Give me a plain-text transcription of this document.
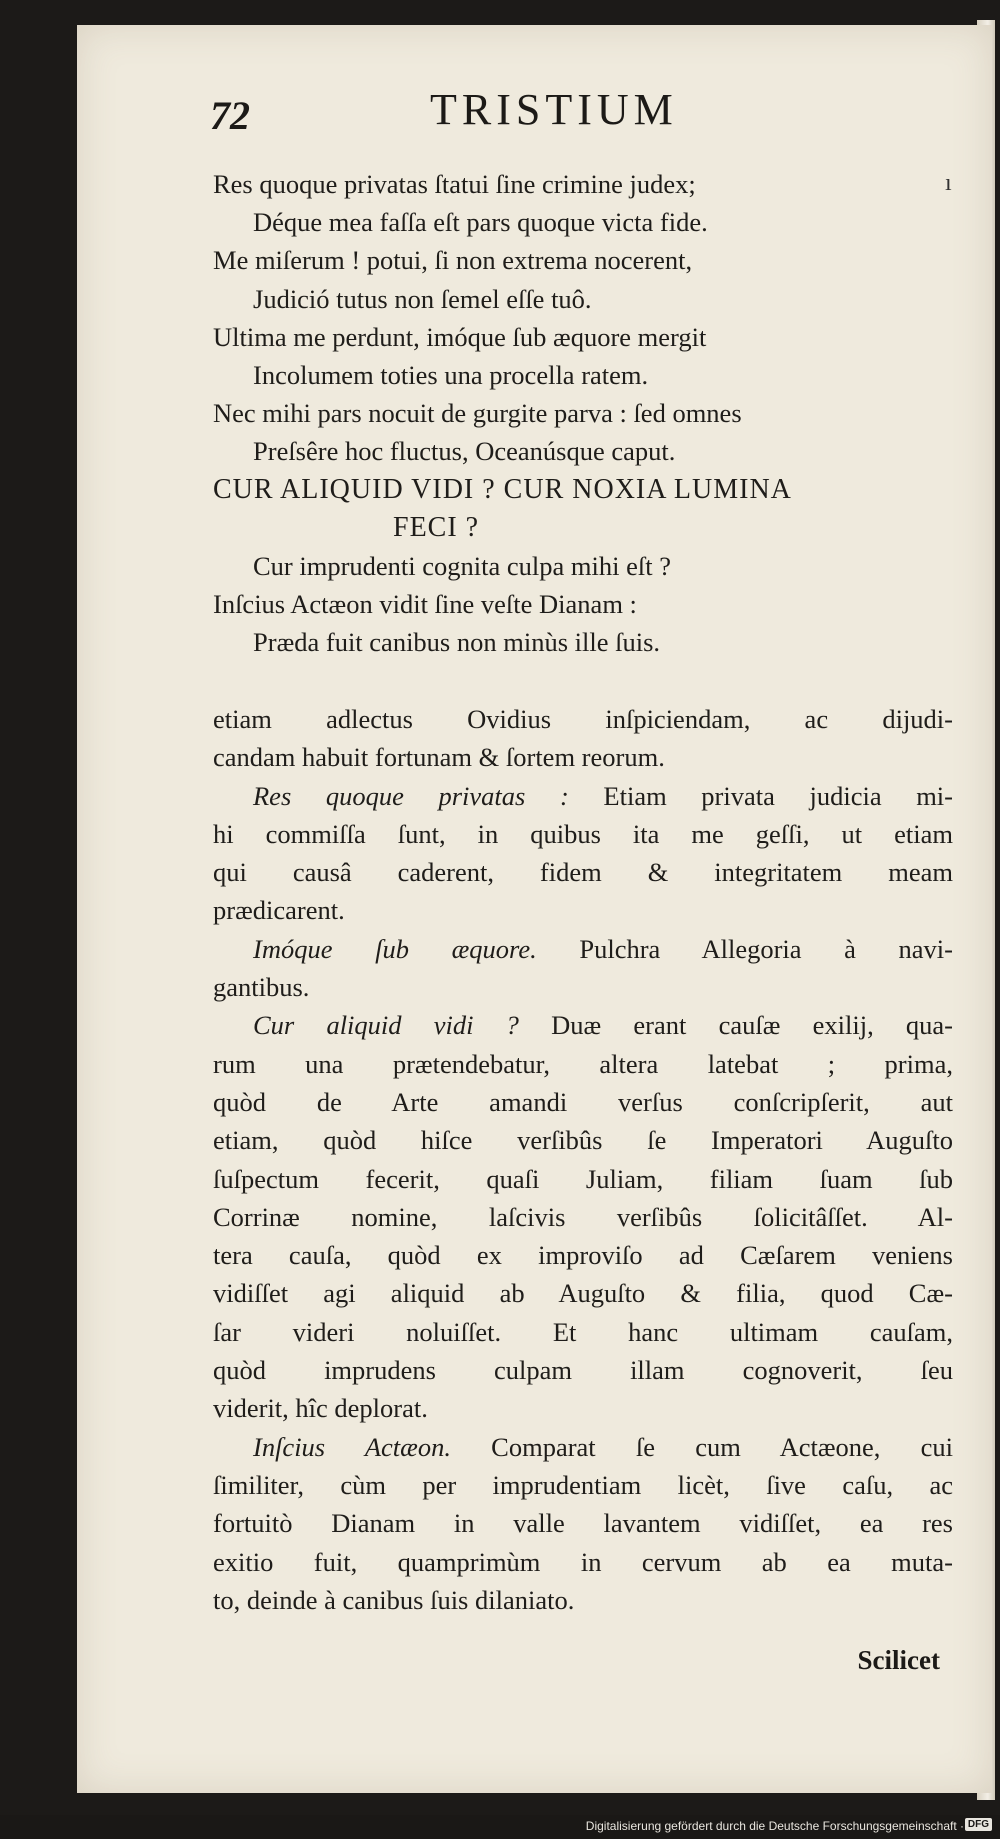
72	TRISTIUM
ı
Res quoque privatas ſtatui ſine crimine judex;
Déque mea faſſa eſt pars quoque victa fide.
Me miſerum ! potui, ſi non extrema nocerent,
Judició tutus non ſemel eſſe tuô.
Ultima me perdunt, imóque ſub æquore mergit
Incolumem toties una procella ratem.
Nec mihi pars nocuit de gurgite parva : ſed omnes
Preſsêre hoc fluctus, Oceanúsque caput.
CUR ALIQUID VIDI ? CUR NOXIA LUMINA
FECI ?
Cur imprudenti cognita culpa mihi eſt ?
Inſcius Actæon vidit ſine veſte Dianam :
Præda fuit canibus non minùs ille ſuis.
etiam adlectus Ovidius inſpiciendam, ac dijudi-
candam habuit fortunam & ſortem reorum.
Res quoque privatas : Etiam privata judicia mi-
hi commiſſa ſunt, in quibus ita me geſſi, ut etiam
qui causâ caderent, fidem & integritatem meam
prædicarent.
Imóque ſub æquore. Pulchra Allegoria à navi-
gantibus.
Cur aliquid vidi ? Duæ erant cauſæ exilij, qua-
rum una prætendebatur, altera latebat ; prima,
quòd de Arte amandi verſus conſcripſerit, aut
etiam, quòd hiſce verſibûs ſe Imperatori Auguſto
ſuſpectum fecerit, quaſi Juliam, filiam ſuam ſub
Corrinæ nomine, laſcivis verſibûs ſolicitâſſet. Al-
tera cauſa, quòd ex improviſo ad Cæſarem veniens
vidiſſet agi aliquid ab Auguſto & filia, quod Cæ-
ſar videri noluiſſet. Et hanc ultimam cauſam,
quòd imprudens culpam illam cognoverit, ſeu
viderit, hîc deplorat.
Inſcius Actæon. Comparat ſe cum Actæone, cui
ſimiliter, cùm per imprudentiam licèt, ſive caſu, ac
fortuitò Dianam in valle lavantem vidiſſet, ea res
exitio fuit, quamprimùm in cervum ab ea muta-
to, deinde à canibus ſuis dilaniato.
Scilicet
Digitalisierung gefördert durch die Deutsche Forschungsgemeinschaft · DFG
